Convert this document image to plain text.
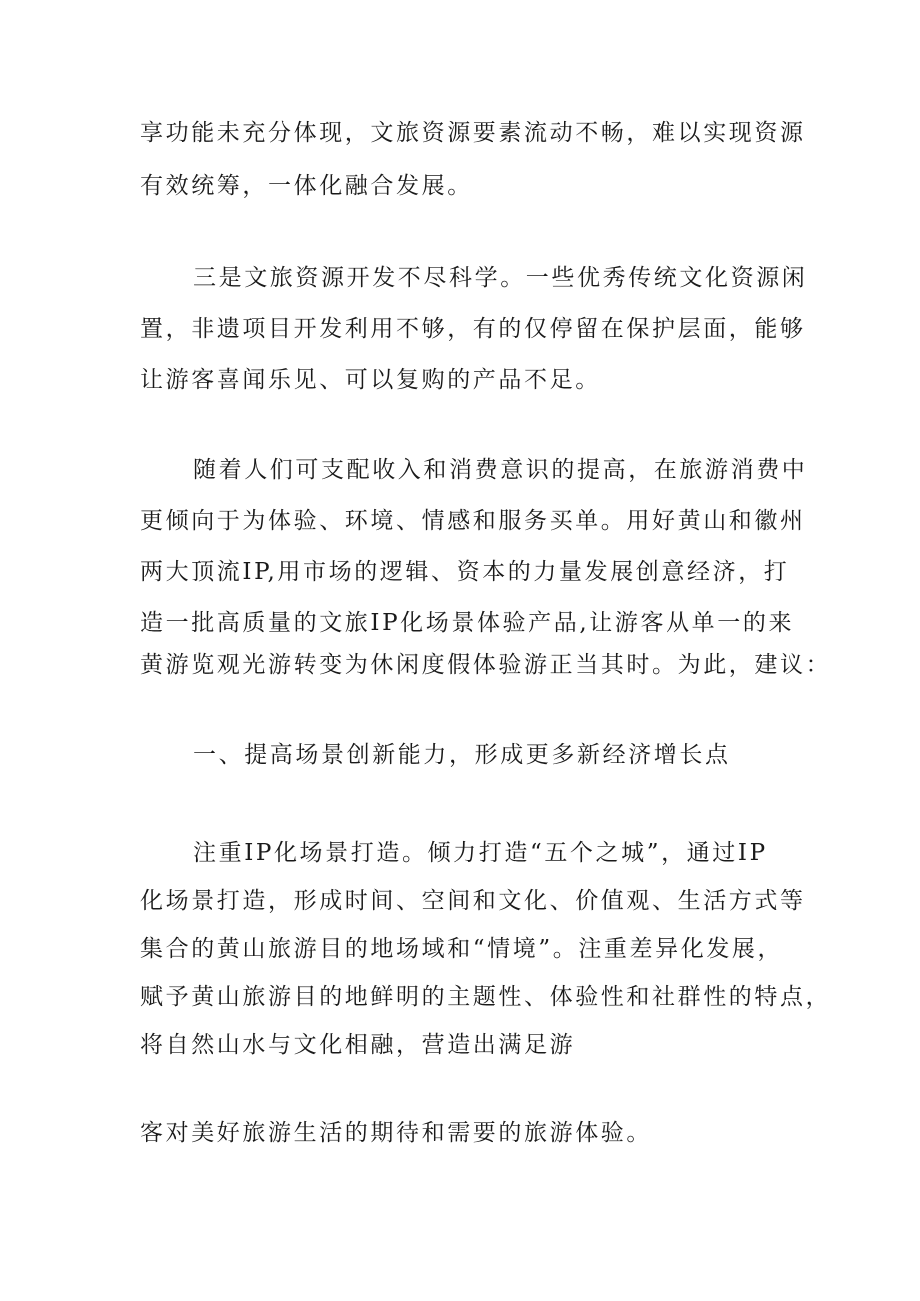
享功能未充分体现，文旅资源要素流动不畅，难以实现资源
有效统筹，一体化融合发展。
三是文旅资源开发不尽科学。一些优秀传统文化资源闲
置，非遗项目开发利用不够，有的仅停留在保护层面，能够
让游客喜闻乐见、可以复购的产品不足。
随着人们可支配收入和消费意识的提高，在旅游消费中
更倾向于为体验、环境、情感和服务买单。用好黄山和徽州
两大顶流IP,用市场的逻辑、资本的力量发展创意经济，打
造一批高质量的文旅IP化场景体验产品,让游客从单一的来
黄游览观光游转变为休闲度假体验游正当其时。为此，建议：
一、提高场景创新能力，形成更多新经济增长点
注重IP化场景打造。倾力打造“五个之城”，通过IP
化场景打造，形成时间、空间和文化、价值观、生活方式等
集合的黄山旅游目的地场域和“情境”。注重差异化发展，
赋予黄山旅游目的地鲜明的主题性、体验性和社群性的特点，
将自然山水与文化相融，营造出满足游
客对美好旅游生活的期待和需要的旅游体验。
